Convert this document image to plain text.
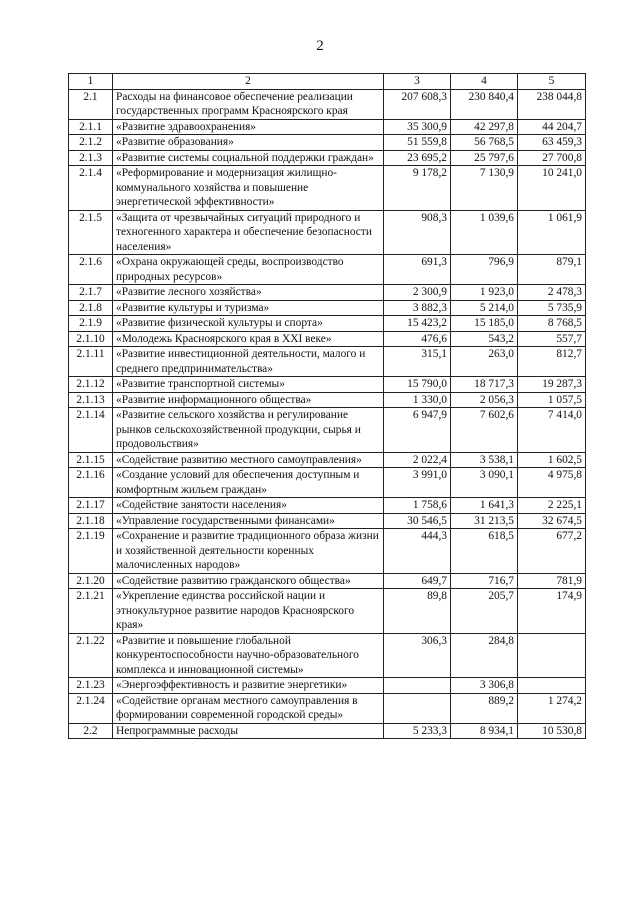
2
1	2	3	4	5
2.1	Расходы на финансовое обеспечение реализации государственных программ Красноярского края	207 608,3	230 840,4	238 044,8
2.1.1	«Развитие здравоохранения»	35 300,9	42 297,8	44 204,7
2.1.2	«Развитие образования»	51 559,8	56 768,5	63 459,3
2.1.3	«Развитие системы социальной поддержки граждан»	23 695,2	25 797,6	27 700,8
2.1.4	«Реформирование и модернизация жилищно-коммунального хозяйства и повышение энергетической эффективности»	9 178,2	7 130,9	10 241,0
2.1.5	«Защита от чрезвычайных ситуаций природного и техногенного характера и обеспечение безопасности населения»	908,3	1 039,6	1 061,9
2.1.6	«Охрана окружающей среды, воспроизводство природных ресурсов»	691,3	796,9	879,1
2.1.7	«Развитие лесного хозяйства»	2 300,9	1 923,0	2 478,3
2.1.8	«Развитие культуры и туризма»	3 882,3	5 214,0	5 735,9
2.1.9	«Развитие физической культуры и спорта»	15 423,2	15 185,0	8 768,5
2.1.10	«Молодежь Красноярского края в XXI веке»	476,6	543,2	557,7
2.1.11	«Развитие инвестиционной деятельности, малого и среднего предпринимательства»	315,1	263,0	812,7
2.1.12	«Развитие транспортной системы»	15 790,0	18 717,3	19 287,3
2.1.13	«Развитие информационного общества»	1 330,0	2 056,3	1 057,5
2.1.14	«Развитие сельского хозяйства и регулирование рынков сельскохозяйственной продукции, сырья и продовольствия»	6 947,9	7 602,6	7 414,0
2.1.15	«Содействие развитию местного самоуправления»	2 022,4	3 538,1	1 602,5
2.1.16	«Создание условий для обеспечения доступным и комфортным жильем граждан»	3 991,0	3 090,1	4 975,8
2.1.17	«Содействие занятости населения»	1 758,6	1 641,3	2 225,1
2.1.18	«Управление государственными финансами»	30 546,5	31 213,5	32 674,5
2.1.19	«Сохранение и развитие традиционного образа жизни и хозяйственной деятельности коренных малочисленных народов»	444,3	618,5	677,2
2.1.20	«Содействие развитию гражданского общества»	649,7	716,7	781,9
2.1.21	«Укрепление единства российской нации и этнокультурное развитие народов Красноярского края»	89,8	205,7	174,9
2.1.22	«Развитие и повышение глобальной конкурентоспособности научно-образовательного комплекса и инновационной системы»	306,3	284,8	
2.1.23	«Энергоэффективность и развитие энергетики»		3 306,8	
2.1.24	«Содействие органам местного самоуправления в формировании современной городской среды»		889,2	1 274,2
2.2	Непрограммные расходы	5 233,3	8 934,1	10 530,8
